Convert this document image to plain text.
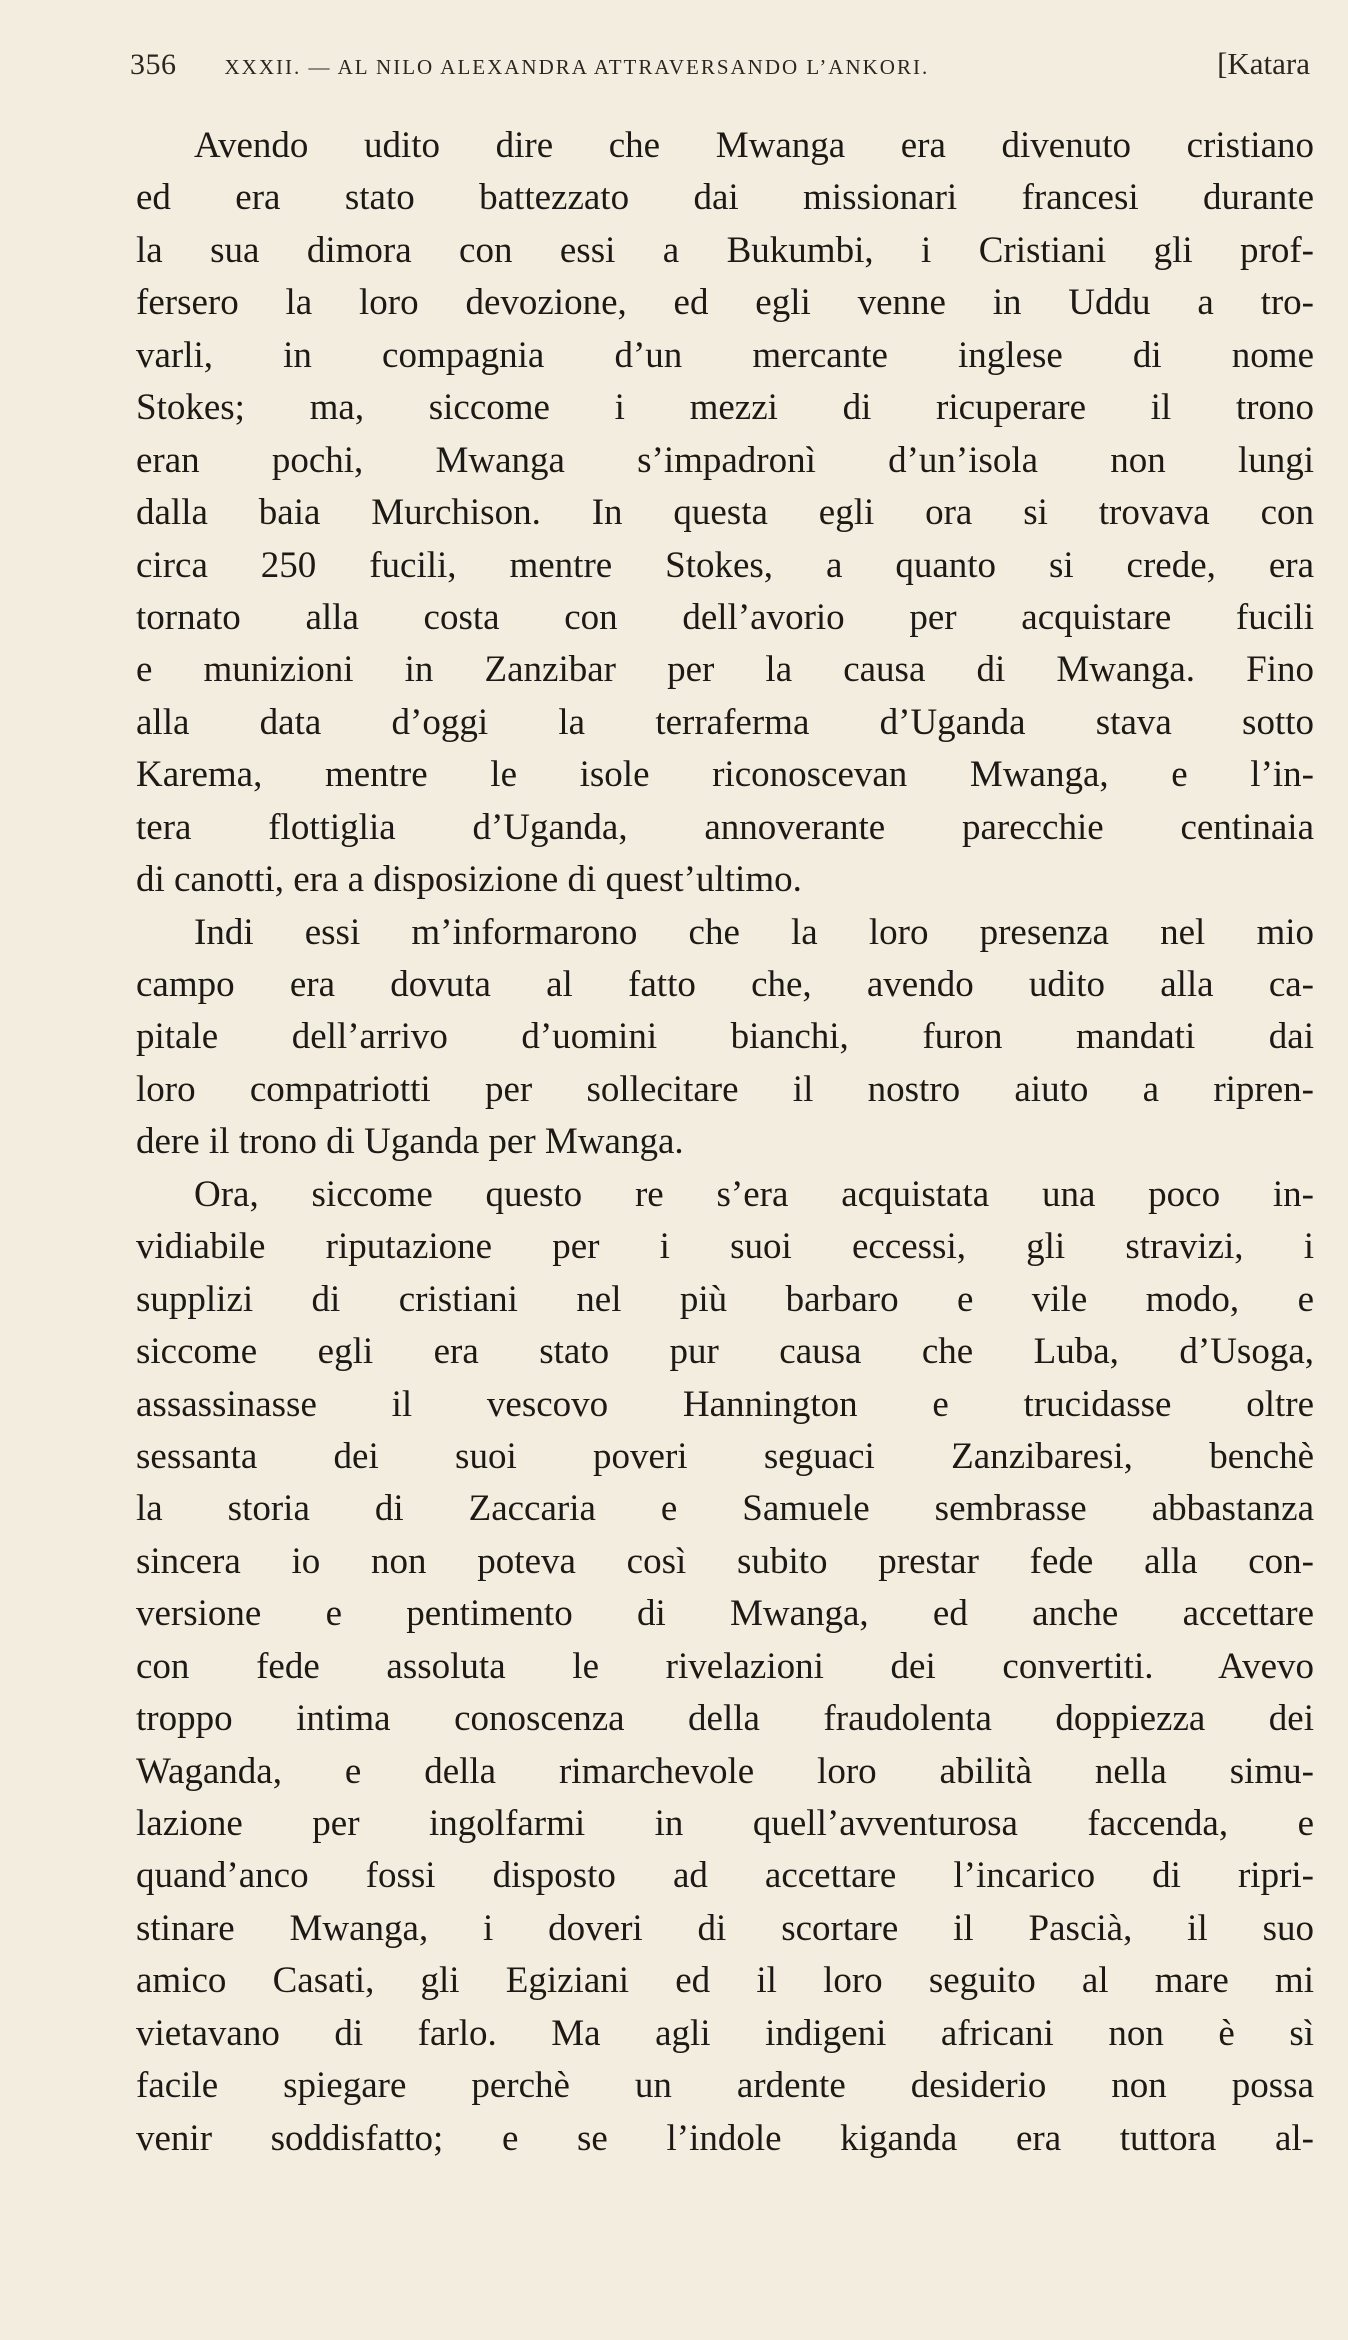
356 XXXII. — AL NILO ALEXANDRA ATTRAVERSANDO L’ANKORI.	[Katara
Avendo udito dire che Mwanga era divenuto cristiano
ed era stato battezzato dai missionari francesi durante
la sua dimora con essi a Bukumbi, i Cristiani gli prof-
fersero la loro devozione, ed egli venne in Uddu a tro-
varli, in compagnia d’un mercante inglese di nome
Stokes; ma, siccome i mezzi di ricuperare il trono
eran pochi, Mwanga s’impadronì d’un’isola non lungi
dalla baia Murchison. In questa egli ora si trovava con
circa 250 fucili, mentre Stokes, a quanto si crede, era
tornato alla costa con dell’avorio per acquistare fucili
e munizioni in Zanzibar per la causa di Mwanga. Fino
alla data d’oggi la terraferma d’Uganda stava sotto
Karema, mentre le isole riconoscevan Mwanga, e l’in-
tera flottiglia d’Uganda, annoverante parecchie centinaia
di canotti, era a disposizione di quest’ultimo.
Indi essi m’informarono che la loro presenza nel mio
campo era dovuta al fatto che, avendo udito alla ca-
pitale dell’arrivo d’uomini bianchi, furon mandati dai
loro compatriotti per sollecitare il nostro aiuto a ripren-
dere il trono di Uganda per Mwanga.
Ora, siccome questo re s’era acquistata una poco in-
vidiabile riputazione per i suoi eccessi, gli stravizi, i
supplizi di cristiani nel più barbaro e vile modo, e
siccome egli era stato pur causa che Luba, d’Usoga,
assassinasse il vescovo Hannington e trucidasse oltre
sessanta dei suoi poveri seguaci Zanzibaresi, benchè
la storia di Zaccaria e Samuele sembrasse abbastanza
sincera io non poteva così subito prestar fede alla con-
versione e pentimento di Mwanga, ed anche accettare
con fede assoluta le rivelazioni dei convertiti. Avevo
troppo intima conoscenza della fraudolenta doppiezza dei
Waganda, e della rimarchevole loro abilità nella simu-
lazione per ingolfarmi in quell’avventurosa faccenda, e
quand’anco fossi disposto ad accettare l’incarico di ripri-
stinare Mwanga, i doveri di scortare il Pascià, il suo
amico Casati, gli Egiziani ed il loro seguito al mare mi
vietavano di farlo. Ma agli indigeni africani non è sì
facile spiegare perchè un ardente desiderio non possa
venir soddisfatto; e se l’indole kiganda era tuttora al-
